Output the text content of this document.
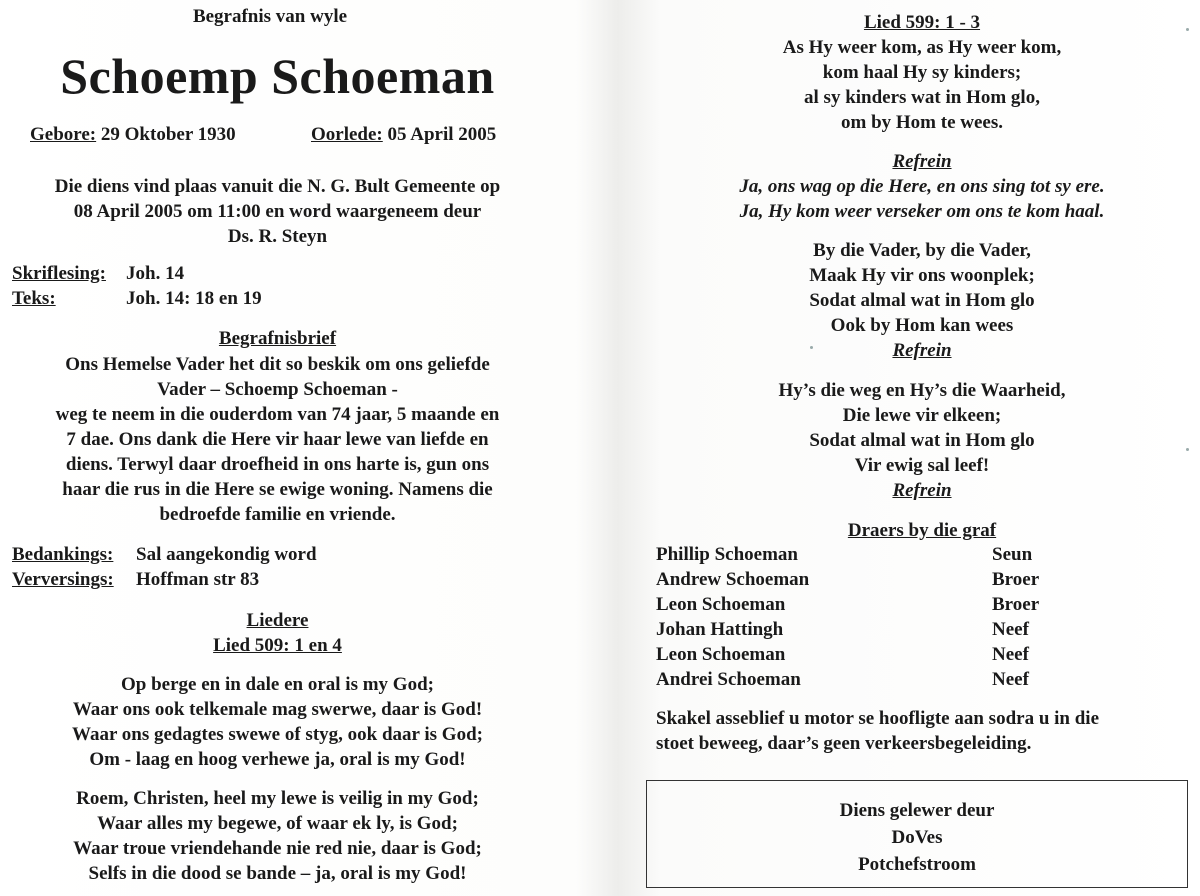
Begrafnis van wyle
Schoemp Schoeman
Gebore: 29 Oktober 1930	Oorlede: 05 April 2005
Die diens vind plaas vanuit die N. G. Bult Gemeente op
08 April 2005 om 11:00 en word waargeneem deur
Ds. R. Steyn
Skriflesing: Joh. 14
Teks:	Joh. 14: 18 en 19
Begrafnisbrief
Ons Hemelse Vader het dit so beskik om ons geliefde
Vader – Schoemp Schoeman -
weg te neem in die ouderdom van 74 jaar, 5 maande en
7 dae. Ons dank die Here vir haar lewe van liefde en
diens. Terwyl daar droefheid in ons harte is, gun ons
haar die rus in die Here se ewige woning. Namens die
bedroefde familie en vriende.
Bedankings: Sal aangekondig word
Verversings: Hoffman str 83
Liedere
Lied 509: 1 en 4
Op berge en in dale en oral is my God;
Waar ons ook telkemale mag swerwe, daar is God!
Waar ons gedagtes swewe of styg, ook daar is God;
Om - laag en hoog verhewe ja, oral is my God!
Roem, Christen, heel my lewe is veilig in my God;
Waar alles my begewe, of waar ek ly, is God;
Waar troue vriendehande nie red nie, daar is God;
Selfs in die dood se bande – ja, oral is my God!
Lied 599: 1 - 3
As Hy weer kom, as Hy weer kom,
kom haal Hy sy kinders;
al sy kinders wat in Hom glo,
om by Hom te wees.
Refrein
Ja, ons wag op die Here, en ons sing tot sy ere.
Ja, Hy kom weer verseker om ons te kom haal.
By die Vader, by die Vader,
Maak Hy vir ons woonplek;
Sodat almal wat in Hom glo
Ook by Hom kan wees
Refrein
Hy’s die weg en Hy’s die Waarheid,
Die lewe vir elkeen;
Sodat almal wat in Hom glo
Vir ewig sal leef!
Refrein
Draers by die graf
Phillip Schoeman	Seun
Andrew Schoeman	Broer
Leon Schoeman	Broer
Johan Hattingh	Neef
Leon Schoeman	Neef
Andrei Schoeman	Neef
Skakel asseblief u motor se hoofligte aan sodra u in die
stoet beweeg, daar’s geen verkeersbegeleiding.
Diens gelewer deur
DoVes
Potchefstroom
